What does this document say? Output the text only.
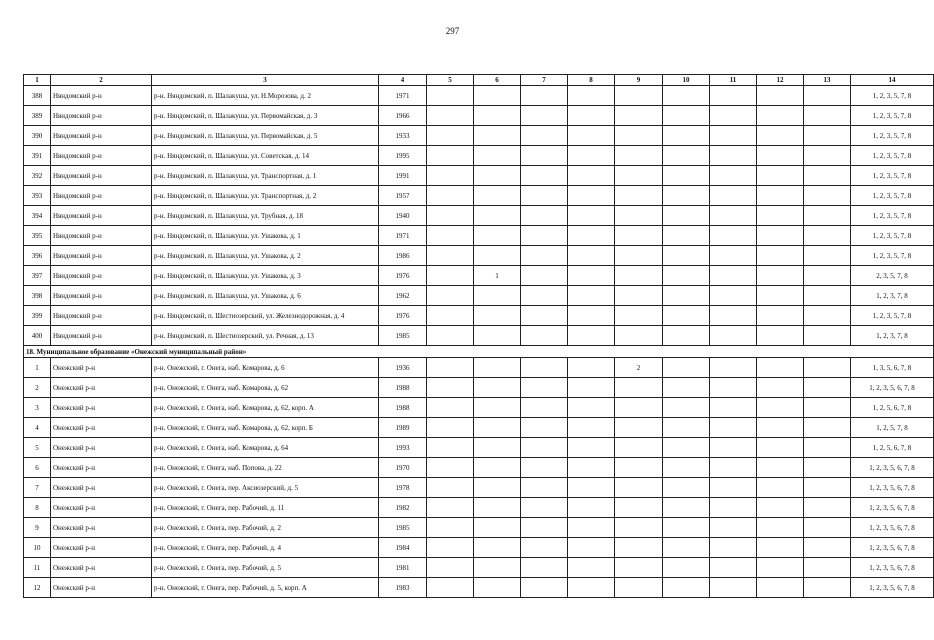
297
1	2	3	4	5	6	7	8	9	10	11	12	13	14
388	Няндомский р-н	р-н. Няндомский, п. Шалакуша, ул. Н.Морозова, д. 2	1971										1, 2, 3, 5, 7, 8
389	Няндомский р-н	р-н. Няндомский, п. Шалакуша, ул. Первомайская, д. 3	1966										1, 2, 3, 5, 7, 8
390	Няндомский р-н	р-н. Няндомский, п. Шалакуша, ул. Первомайская, д. 5	1933										1, 2, 3, 5, 7, 8
391	Няндомский р-н	р-н. Няндомский, п. Шалакуша, ул. Советская, д. 14	1995										1, 2, 3, 5, 7, 8
392	Няндомский р-н	р-н. Няндомский, п. Шалакуша, ул. Транспортная, д. 1	1991										1, 2, 3, 5, 7, 8
393	Няндомский р-н	р-н. Няндомский, п. Шалакуша, ул. Транспортная, д. 2	1957										1, 2, 3, 5, 7, 8
394	Няндомский р-н	р-н. Няндомский, п. Шалакуша, ул. Трубная, д. 18	1940										1, 2, 3, 5, 7, 8
395	Няндомский р-н	р-н. Няндомский, п. Шалакуша, ул. Ушакова, д. 1	1971										1, 2, 3, 5, 7, 8
396	Няндомский р-н	р-н. Няндомский, п. Шалакуша, ул. Ушакова, д. 2	1986										1, 2, 3, 5, 7, 8
397	Няндомский р-н	р-н. Няндомский, п. Шалакуша, ул. Ушакова, д. 3	1976		1								2, 3, 5, 7, 8
398	Няндомский р-н	р-н. Няндомский, п. Шалакуша, ул. Ушакова, д. 6	1962										1, 2, 3, 7, 8
399	Няндомский р-н	р-н. Няндомский, п. Шестиозерский, ул. Железнодорожная, д. 4	1976										1, 2, 3, 5, 7, 8
400	Няндомский р-н	р-н. Няндомский, п. Шестиозерский, ул. Речная, д. 13	1985										1, 2, 3, 7, 8
18. Муниципальное образование «Онежский муниципальный район»													
1	Онежский р-н	р-н. Онежский, г. Онега, наб. Комарова, д. 6	1936					2					1, 3, 5, 6, 7, 8
2	Онежский р-н	р-н. Онежский, г. Онега, наб. Комарова, д. 62	1988										1, 2, 3, 5, 6, 7, 8
3	Онежский р-н	р-н. Онежский, г. Онега, наб. Комарова, д. 62, корп. А	1988										1, 2, 5, 6, 7, 8
4	Онежский р-н	р-н. Онежский, г. Онега, наб. Комарова, д. 62, корп. Б	1989										1, 2, 5, 7, 8
5	Онежский р-н	р-н. Онежский, г. Онега, наб. Комарова, д. 64	1993										1, 2, 5, 6, 7, 8
6	Онежский р-н	р-н. Онежский, г. Онега, наб. Попова, д. 22	1970										1, 2, 3, 5, 6, 7, 8
7	Онежский р-н	р-н. Онежский, г. Онега, пер. Аксиозерский, д. 5	1978										1, 2, 3, 5, 6, 7, 8
8	Онежский р-н	р-н. Онежский, г. Онега, пер. Рабочий, д. 11	1982										1, 2, 3, 5, 6, 7, 8
9	Онежский р-н	р-н. Онежский, г. Онега, пер. Рабочий, д. 2	1985										1, 2, 3, 5, 6, 7, 8
10	Онежский р-н	р-н. Онежский, г. Онега, пер. Рабочий, д. 4	1984										1, 2, 3, 5, 6, 7, 8
11	Онежский р-н	р-н. Онежский, г. Онега, пер. Рабочий, д. 5	1981										1, 2, 3, 5, 6, 7, 8
12	Онежский р-н	р-н. Онежский, г. Онега, пер. Рабочий, д. 5, корп. А	1983										1, 2, 3, 5, 6, 7, 8
